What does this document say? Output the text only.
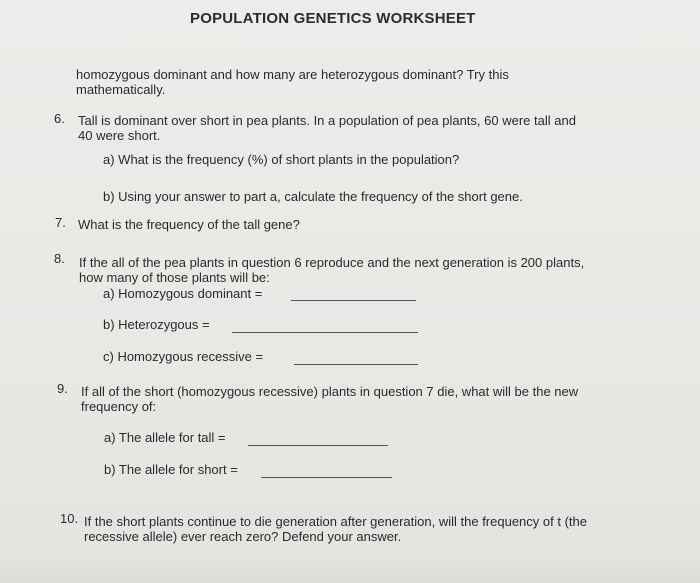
POPULATION GENETICS WORKSHEET
homozygous dominant and how many are heterozygous dominant? Try this
mathematically.
6. Tall is dominant over short in pea plants. In a population of pea plants, 60 were tall and
40 were short.
a) What is the frequency (%) of short plants in the population?
b) Using your answer to part a, calculate the frequency of the short gene.
7. What is the frequency of the tall gene?
8. If the all of the pea plants in question 6 reproduce and the next generation is 200 plants,
how many of those plants will be:
a) Homozygous dominant =
b) Heterozygous =
c) Homozygous recessive =
9. If all of the short (homozygous recessive) plants in question 7 die, what will be the new
frequency of:
a) The allele for tall =
b) The allele for short =
10. If the short plants continue to die generation after generation, will the frequency of t (the
recessive allele) ever reach zero? Defend your answer.
